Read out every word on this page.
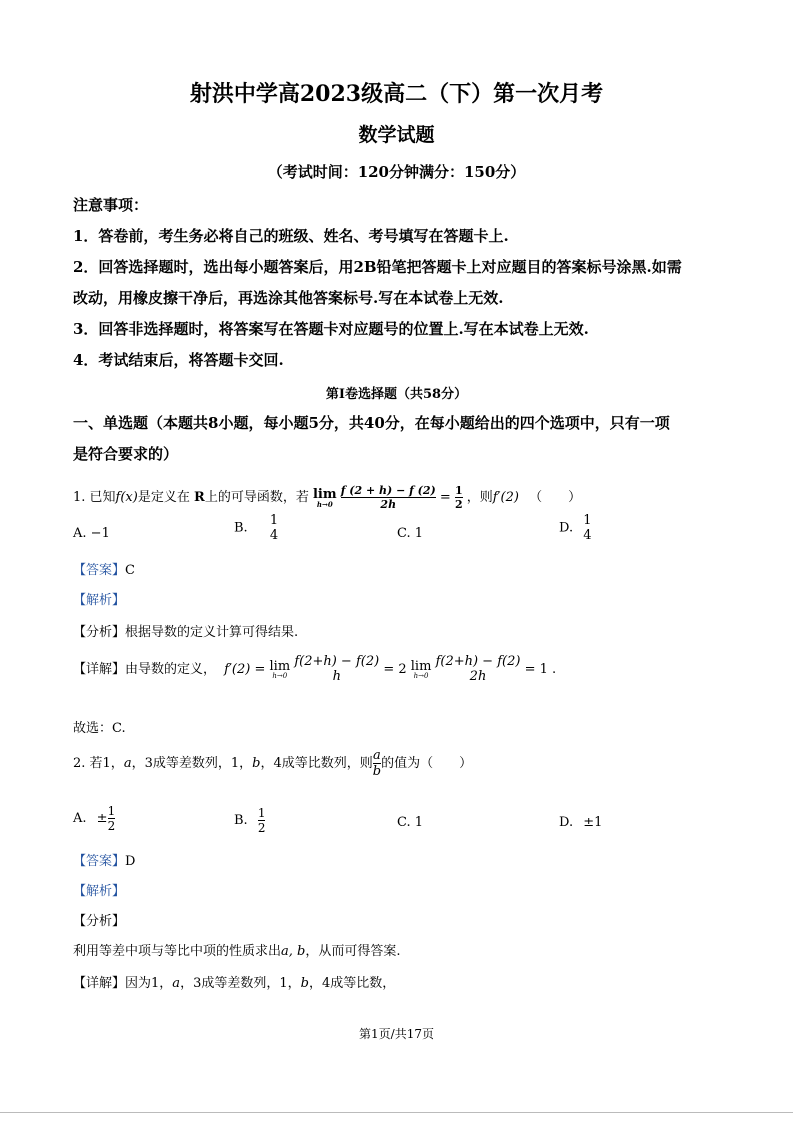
射洪中学高2023级高二（下）第一次月考
数学试题
（考试时间：120分钟满分：150分）
注意事项：
1．答卷前，考生务必将自己的班级、姓名、考号填写在答题卡上.
2．回答选择题时，选出每小题答案后，用2B铅笔把答题卡上对应题目的答案标号涂黑.如需
改动，用橡皮擦干净后，再选涂其他答案标号.写在本试卷上无效.
3．回答非选择题时，将答案写在答题卡对应题号的位置上.写在本试卷上无效.
4．考试结束后，将答题卡交回.
第I卷选择题（共58分）
一、单选题（本题共8小题，每小题5分，共40分，在每小题给出的四个选项中，只有一项
是符合要求的）
1. 已知f(x)是定义在 R上的可导函数，若 lim
h→0
$\frac{f (2 + h) - f (2)}{2h} = \frac{1}{2}$ ，则f′(2) （　　）
A. −1	B.
1
4	C. 1	D.
1
4
【答案】C
【解析】
【分析】根据导数的定义计算可得结果.
【详解】由导数的定义， f′(2) = lim
h→0

f(2+h) − f(2)
h	= 2 lim
h→0

f(2+h) − f(2)
2h	= 1 .
故选：C.
2. 若1，a，3成等差数列，1，b，4成等比数列，则 $\frac{a}{b}$ 的值为（　　）
A. ± $\frac{1}{2}$	B. $\frac{1}{2}$	C. 1	D. ±1
【答案】D
【解析】
【分析】
利用等差中项与等比中项的性质求出a, b，从而可得答案.
【详解】因为1，a，3成等差数列，1，b，4成等比数，
第1页/共17页
